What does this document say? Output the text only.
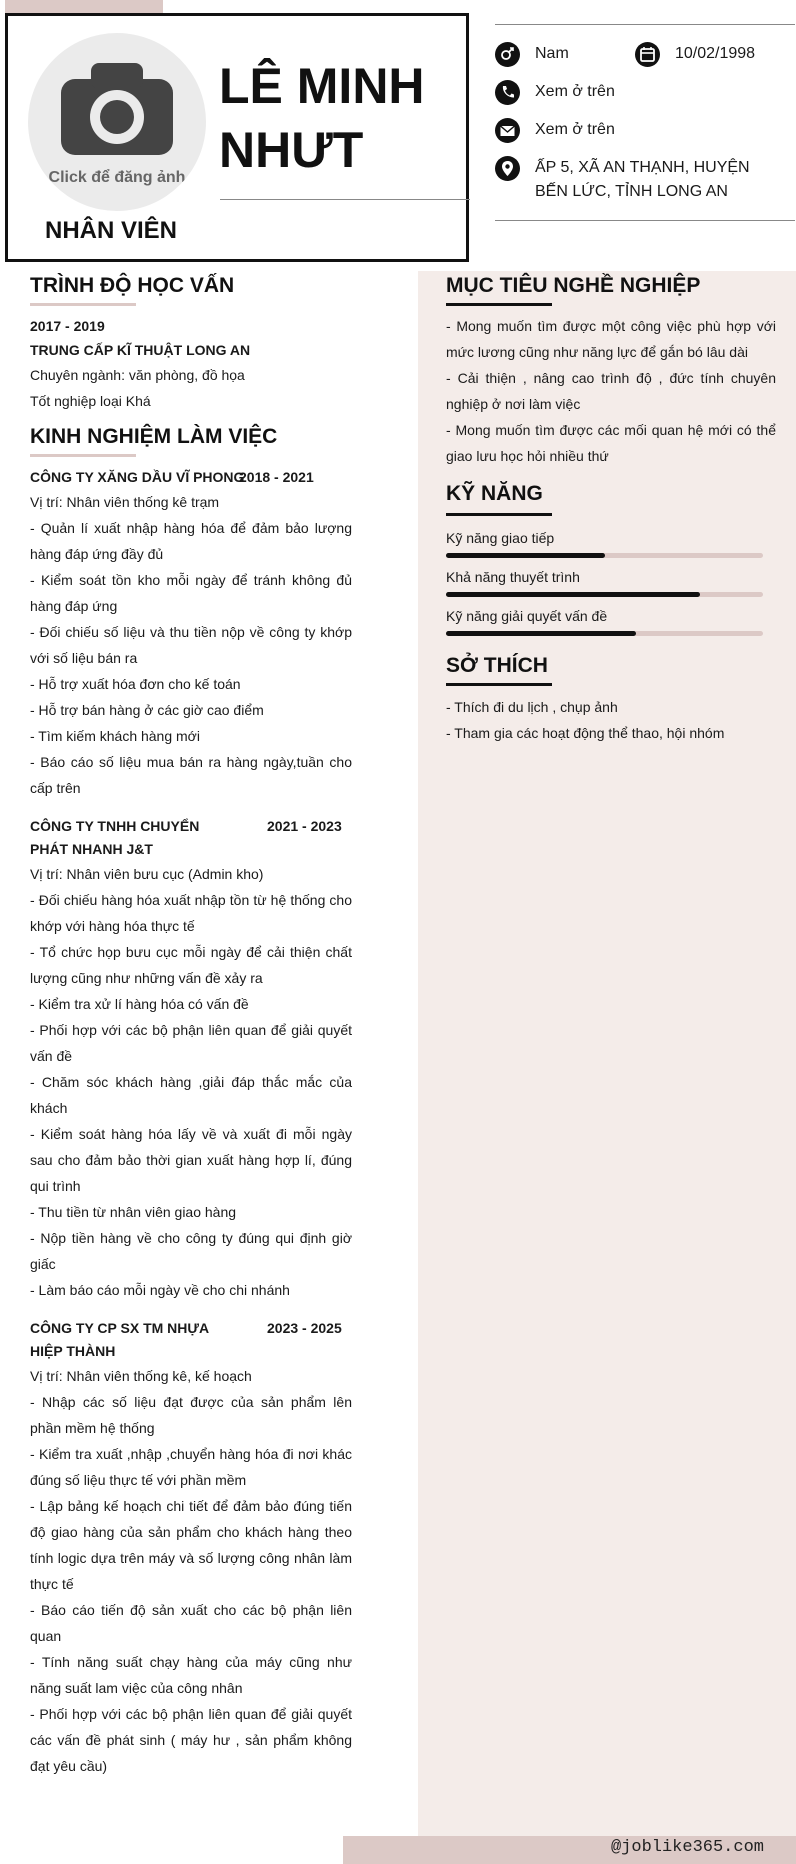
Click để đăng ảnh
LÊ MINH
NHƯT
NHÂN VIÊN
Nam	10/02/1998
Xem ở trên
Xem ở trên
ẤP 5, XÃ AN THẠNH, HUYỆN BẾN LỨC, TỈNH LONG AN
TRÌNH ĐỘ HỌC VẤN
2017 - 2019
TRUNG CẤP KĨ THUẬT LONG AN
Chuyên ngành: văn phòng, đồ họa
Tốt nghiệp loại Khá
KINH NGHIỆM LÀM VIỆC
CÔNG TY XĂNG DẦU VĨ PHONG
2018 - 2021
Vị trí: Nhân viên thống kê trạm

- Quản lí xuất nhập hàng hóa để đảm bảo lượng hàng đáp ứng đầy đủ

- Kiểm soát tồn kho mỗi ngày để tránh không đủ hàng đáp ứng

- Đối chiếu số liệu và thu tiền nộp về công ty khớp với số liệu bán ra

- Hỗ trợ xuất hóa đơn cho kế toán

- Hỗ trợ bán hàng ở các giờ cao điểm

- Tìm kiếm khách hàng mới

- Báo cáo số liệu mua bán ra hàng ngày,tuần cho cấp trên

CÔNG TY TNHH CHUYỂN PHÁT NHANH J&T
2021 - 2023
Vị trí: Nhân viên bưu cục (Admin kho)

- Đối chiếu hàng hóa xuất nhập tồn từ hệ thống cho khớp với hàng hóa thực tế

- Tổ chức họp bưu cục mỗi ngày để cải thiện chất lượng cũng như những vấn đề xảy ra

- Kiểm tra xử lí hàng hóa có vấn đề

- Phối hợp với các bộ phận liên quan để giải quyết vấn đề

- Chăm sóc khách hàng ,giải đáp thắc mắc của khách

- Kiểm soát hàng hóa lấy về và xuất đi mỗi ngày sau cho đảm bảo thời gian xuất hàng hợp lí, đúng qui trình

- Thu tiền từ nhân viên giao hàng

- Nộp tiền hàng về cho công ty đúng qui định giờ giấc

- Làm báo cáo mỗi ngày về cho chi nhánh

CÔNG TY CP SX TM NHỰA HIỆP THÀNH
2023 - 2025
Vị trí: Nhân viên thống kê, kế hoạch

- Nhập các số liệu đạt được của sản phẩm lên phần mềm hệ thống

- Kiểm tra xuất ,nhập ,chuyển hàng hóa đi nơi khác đúng số liệu thực tế với phần mềm

- Lập bảng kế hoạch chi tiết để đảm bảo đúng tiến độ giao hàng của sản phẩm cho khách hàng theo tính logic dựa trên máy và số lượng công nhân làm thực tế

- Báo cáo tiến độ sản xuất cho các bộ phận liên quan

- Tính năng suất chạy hàng của máy cũng như năng suất lam việc của công nhân

- Phối hợp với các bộ phận liên quan để giải quyết các vấn đề phát sinh ( máy hư , sản phẩm không đạt yêu cầu)

MỤC TIÊU NGHỀ NGHIỆP

- Mong muốn tìm được một công việc phù hợp với mức lương cũng như năng lực để gắn bó lâu dài

- Cải thiện , nâng cao trình độ , đức tính chuyên nghiệp ở nơi làm việc

- Mong muốn tìm được các mối quan hệ mới có thể giao lưu học hỏi nhiều thứ

KỸ NĂNG
Kỹ năng giao tiếp
Khả năng thuyết trình
Kỹ năng giải quyết vấn đề
SỞ THÍCH
- Thích đi du lịch , chụp ảnh
- Tham gia các hoạt động thể thao, hội nhóm
@joblike365.com
